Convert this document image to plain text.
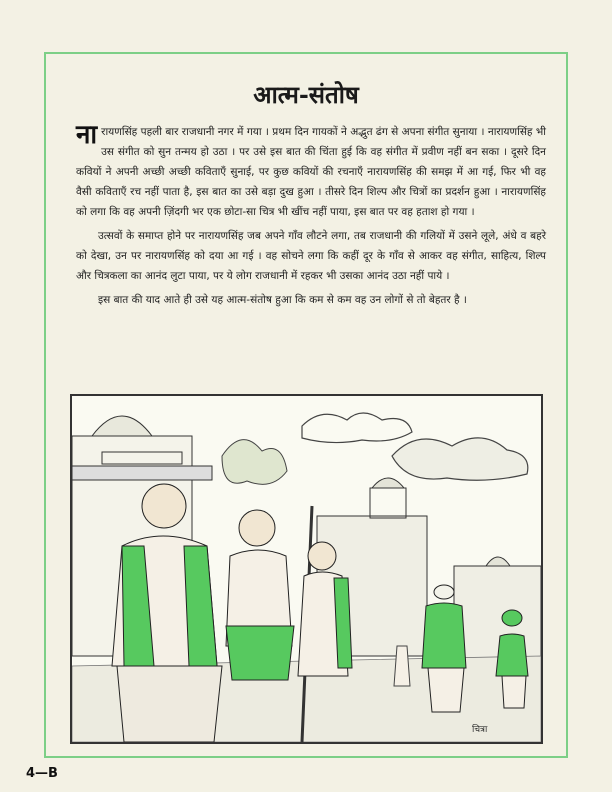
आत्म-संतोष

नारायणसिंह पहली बार राजधानी नगर में गया । प्रथम दिन गायकों ने अद्भुत ढंग से अपना संगीत सुनाया । नारायणसिंह भी उस संगीत को सुन तन्मय हो उठा । पर उसे इस बात की चिंता हुई कि वह संगीत में प्रवीण नहीं बन सका । दूसरे दिन कवियों ने अपनी अच्छी अच्छी कविताएँ सुनाई, पर कुछ कवियों की रचनाएँ नारायणसिंह की समझ में आ गई, फिर भी वह वैसी कविताएँ रच नहीं पाता है, इस बात का उसे बड़ा दुख हुआ । तीसरे दिन शिल्प और चित्रों का प्रदर्शन हुआ । नारायणसिंह को लगा कि वह अपनी ज़िंदगी भर एक छोटा-सा चित्र भी खींच नहीं पाया, इस बात पर वह हताश हो गया ।

उत्सवों के समाप्त होने पर नारायणसिंह जब अपने गाँव लौटने लगा, तब राजधानी की गलियों में उसने लूले, अंधे व बहरे को देखा, उन पर नारायणसिंह को दया आ गई । वह सोचने लगा कि कहीं दूर के गाँव से आकर वह संगीत, साहित्य, शिल्प और चित्रकला का आनंद लुटा पाया, पर ये लोग राजधानी में रहकर भी उसका आनंद उठा नहीं पाये ।

इस बात की याद आते ही उसे यह आत्म-संतोष हुआ कि कम से कम वह उन लोगों से तो बेहतर है ।

चित्रा
4—B
